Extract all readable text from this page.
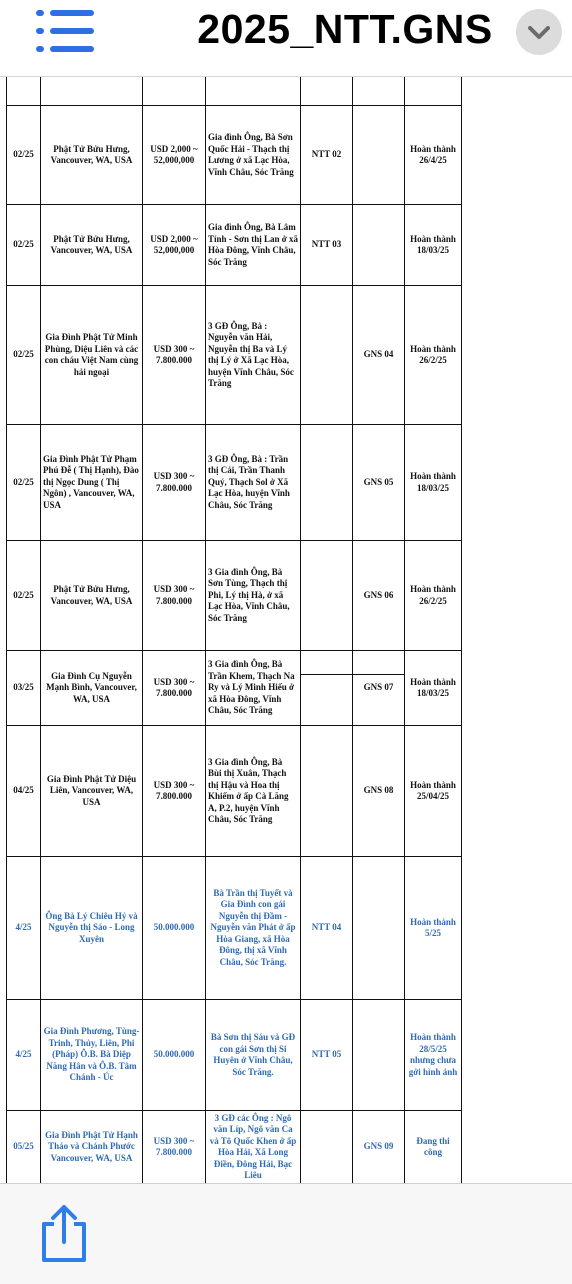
2025_NTT.GNS
02/25
Phật Tử Bửu Hưng, Vancouver, WA, USA
USD 2,000 ~ 52,000,000
Gia đình Ông, Bà Sơn Quốc Hải - Thạch thị Lương ở xã Lạc Hòa, Vĩnh Châu, Sóc Trăng
NTT 02
Hoàn thành 26/4/25
02/25
Phật Tử Bửu Hưng, Vancouver, WA, USA
USD 2,000 ~ 52,000,000
Gia đình Ông, Bà Lâm Tính - Sơn thị Lan ở xã Hòa Đông, Vĩnh Châu, Sóc Trăng
NTT 03
Hoàn thành 18/03/25
02/25
Gia Đình Phật Tử Minh Phùng, Diệu Liên và các con cháu Việt Nam cùng hải ngoại
USD 300 ~ 7.800.000
3 GĐ Ông, Bà : Nguyễn văn Hải, Nguyễn thị Ba và Lý thị Lý ở Xã Lạc Hòa, huyện Vĩnh Châu, Sóc Trăng
GNS 04
Hoàn thành 26/2/25
02/25
Gia Đình Phật Tử Phạm Phú Đễ ( Thị Hạnh), Đào thị Ngọc Dung ( Thị Ngôn) , Vancouver, WA, USA
USD 300 ~ 7.800.000
3 GĐ Ông, Bà : Trần thị Cải, Trần Thanh Quý, Thạch Sol ở Xã Lạc Hòa, huyện Vĩnh Châu, Sóc Trăng
GNS 05
Hoàn thành 18/03/25
02/25
Phật Tử Bửu Hưng, Vancouver, WA, USA
USD 300 ~ 7.800.000
3 Gia đình Ông, Bà Sơn Tùng, Thạch thị Phi, Lý thị Hà, ở xã Lạc Hòa, Vĩnh Châu, Sóc Trăng
GNS 06
Hoàn thành 26/2/25
03/25
Gia Đình Cụ Nguyễn Mạnh Bình, Vancouver, WA, USA
USD 300 ~ 7.800.000
3 Gia đình Ông, Bà Trần Khem, Thạch Na Ry và Lý Minh Hiếu ở xã Hòa Đông, Vĩnh Châu, Sóc Trăng
GNS 07
Hoàn thành 18/03/25
04/25
Gia Đình Phật Tử Diệu Liên, Vancouver, WA, USA
USD 300 ~ 7.800.000
3 Gia đình Ông, Bà Bùi thị Xuân, Thạch thị Hậu và Hoa thị Khiếm ở ấp Cà Lăng A, P.2, huyện Vĩnh Châu, Sóc Trăng
GNS 08
Hoàn thành 25/04/25
4/25
Ông Bà Lý Chiêu Hỷ và Nguyễn thị Sáo - Long Xuyên
50.000.000
Bà Trần thị Tuyết và Gia Đình con gái Nguyễn thị Đầm - Nguyễn văn Phát ở ấp Hòa Giang, xã Hòa Đông, thị xã Vĩnh Châu, Sóc Trăng.
NTT 04
Hoàn thành 5/25
4/25
Gia Đình Phương, Tùng-Trinh, Thủy, Liên, Phi (Pháp) Ô.B. Bà Diệp Năng Hân và Ô.B. Tâm Chánh - Úc
50.000.000
Bà Sơn thị Sáu và GĐ con gái Sơn thị Si Huyên ở Vĩnh Châu, Sóc Trăng.
NTT 05
Hoàn thành 28/5/25 nhưng chưa gởi hình ảnh
05/25
Gia Đình Phật Tử Hạnh Thảo và Chánh Phước Vancouver, WA, USA
USD 300 ~ 7.800.000
3 GĐ các Ông : Ngô văn Líp, Ngô văn Ca và Tô Quốc Khen ở ấp Hòa Hải, Xã Long Điền, Đông Hải, Bạc Liêu
GNS 09
Đang thi công
